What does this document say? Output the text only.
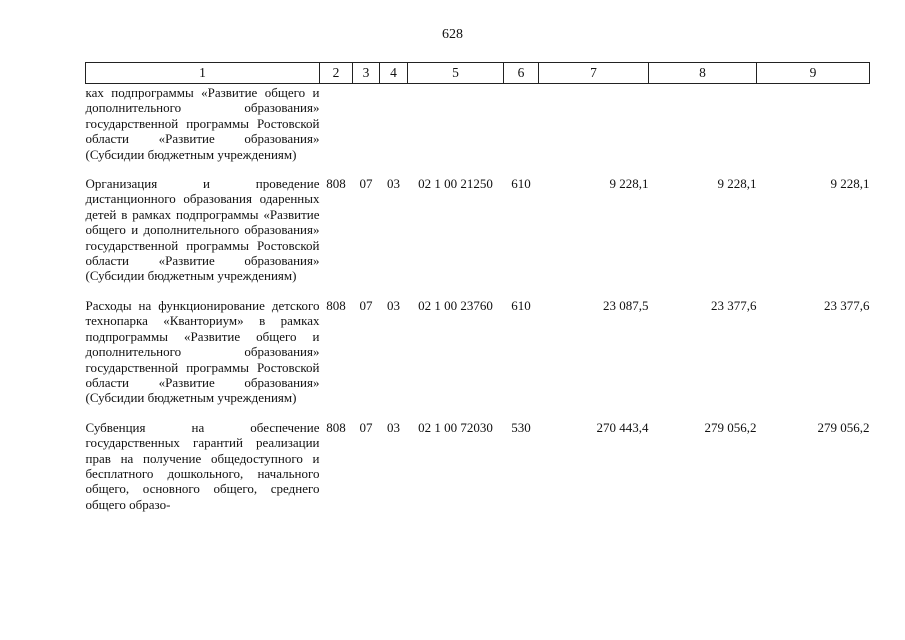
628
1	2	3	4	5	6	7	8	9
ках подпрограммы «Развитие общего и дополнительного образования» государственной программы Ростовской области «Развитие образования» (Субсидии бюджетным учреждениям)								
Организация и проведение дистанционного образования одаренных детей в рамках подпрограммы «Развитие общего и дополнительного образования» государственной программы Ростовской области «Развитие образования» (Субсидии бюджетным учреждениям)	808	07	03	02 1 00 21250	610	9 228,1	9 228,1	9 228,1
Расходы на функционирование детского технопарка «Кванториум» в рамках подпрограммы «Развитие общего и дополнительного образования» государственной программы Ростовской области «Развитие образования» (Субсидии бюджетным учреждениям)	808	07	03	02 1 00 23760	610	23 087,5	23 377,6	23 377,6
Субвенция на обеспечение государственных гарантий реализации прав на получение общедоступного и бесплатного дошкольного, начального общего, основного общего, среднего общего образо-	808	07	03	02 1 00 72030	530	270 443,4	279 056,2	279 056,2
